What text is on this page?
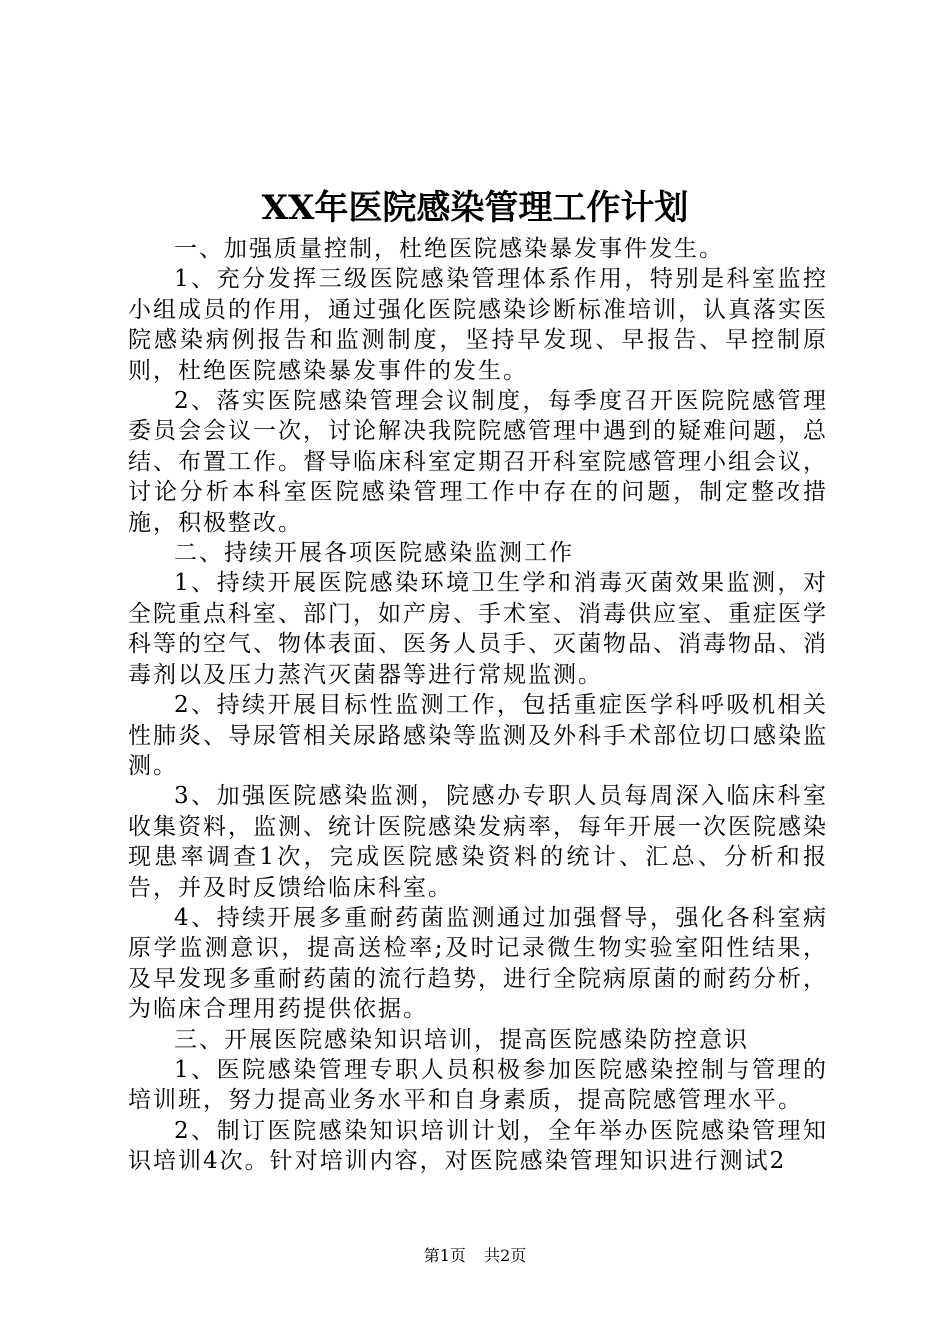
XX年医院感染管理工作计划

一、加强质量控制，杜绝医院感染暴发事件发生。

1、充分发挥三级医院感染管理体系作用，特别是科室监控小组成员的作用，通过强化医院感染诊断标准培训，认真落实医院感染病例报告和监测制度，坚持早发现、早报告、早控制原则，杜绝医院感染暴发事件的发生。

2、落实医院感染管理会议制度，每季度召开医院院感管理委员会会议一次，讨论解决我院院感管理中遇到的疑难问题，总结、布置工作。督导临床科室定期召开科室院感管理小组会议，讨论分析本科室医院感染管理工作中存在的问题，制定整改措施，积极整改。

二、持续开展各项医院感染监测工作

1、持续开展医院感染环境卫生学和消毒灭菌效果监测，对全院重点科室、部门，如产房、手术室、消毒供应室、重症医学科等的空气、物体表面、医务人员手、灭菌物品、消毒物品、消毒剂以及压力蒸汽灭菌器等进行常规监测。

2、持续开展目标性监测工作，包括重症医学科呼吸机相关性肺炎、导尿管相关尿路感染等监测及外科手术部位切口感染监测。

3、加强医院感染监测，院感办专职人员每周深入临床科室收集资料，监测、统计医院感染发病率，每年开展一次医院感染现患率调查1次，完成医院感染资料的统计、汇总、分析和报告，并及时反馈给临床科室。

4、持续开展多重耐药菌监测通过加强督导，强化各科室病原学监测意识，提高送检率;及时记录微生物实验室阳性结果，及早发现多重耐药菌的流行趋势，进行全院病原菌的耐药分析，为临床合理用药提供依据。

三、开展医院感染知识培训，提高医院感染防控意识

1、医院感染管理专职人员积极参加医院感染控制与管理的培训班，努力提高业务水平和自身素质，提高院感管理水平。

2、制订医院感染知识培训计划，全年举办医院感染管理知识培训4次。针对培训内容，对医院感染管理知识进行测试2

第1页 共2页
